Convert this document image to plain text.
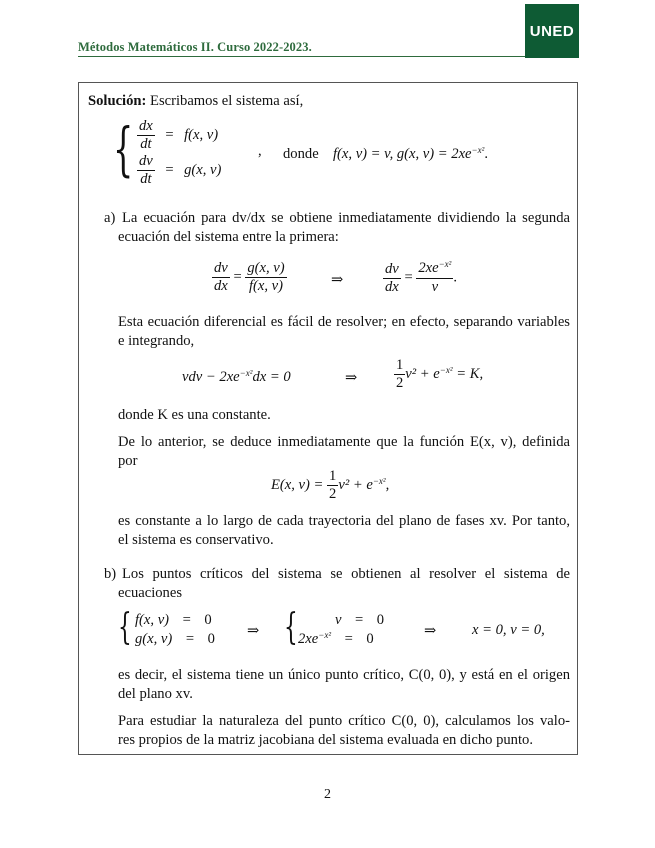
Métodos Matemáticos II. Curso 2022-2023.
UNED
Solución: Escribamos el sistema así,
{ $\frac{dx}{dt} = f(x$, v)
$\frac{dv}{dt} = g(x$, v)
, donde f(x, v) = v, g(x, $v) = 2xe^{-x^2}$.
a) La ecuación para dv/dx se obtiene inmediatamente dividiendo la segunda
ecuación del sistema entre la primera:
$\frac{dv}{dx} = \frac{g(x, v)}{f(x, v)}$	⇒	$\frac{dv}{dx} = \frac{2xe^{-x^2}}{v}$ .
Esta ecuación diferencial es fácil de resolver; en efecto, separando variables
e integrando,
vdv − $2xe^{-x^2}dx = 0$	⇒	$\frac{1}{2} v^2 + e^{-x^2} = K$,
donde K es una constante.
De lo anterior, se deduce inmediatamente que la función E(x, v), definida
por
E(x, $v) = \frac{1}{2} v^2 + e^{-x^2}$,
es constante a lo largo de cada trayectoria del plano de fases xv. Por tanto,
el sistema es conservativo.
b) Los puntos críticos del sistema se obtienen al resolver el sistema de
ecuaciones
{ f(x, v) = 0
g(x, v) = 0 ⇒ {	v = 0
$2xe^{-x^2} = 0$	⇒ x = 0, v = 0,
es decir, el sistema tiene un único punto crítico, C(0, 0), y está en el origen
del plano xv.
Para estudiar la naturaleza del punto crítico C(0, 0), calculamos los valo-
res propios de la matriz jacobiana del sistema evaluada en dicho punto.
2
